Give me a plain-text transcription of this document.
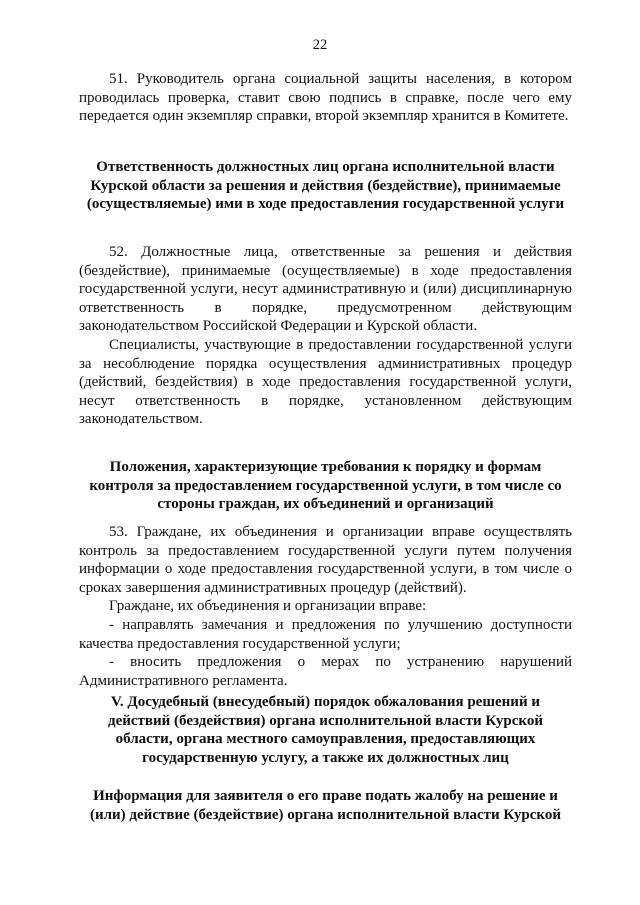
22

51. Руководитель органа социальной защиты населения, в котором проводилась проверка, ставит свою подпись в справке, после чего ему передается один экземпляр справки, второй экземпляр хранится в Комитете.

Ответственность должностных лиц органа исполнительной власти Курской области за решения и действия (бездействие), принимаемые (осуществляемые) ими в ходе предоставления государственной услуги

52. Должностные лица, ответственные за решения и действия (бездействие), принимаемые (осуществляемые) в ходе предоставления государственной услуги, несут административную и (или) дисциплинарную ответственность в порядке, предусмотренном действующим законодательством Российской Федерации и Курской области.

Специалисты, участвующие в предоставлении государственной услуги за несоблюдение порядка осуществления административных процедур (действий, бездействия) в ходе предоставления государственной услуги, несут ответственность в порядке, установленном действующим законодательством.

Положения, характеризующие требования к порядку и формам контроля за предоставлением государственной услуги, в том числе со стороны граждан, их объединений и организаций

53. Граждане, их объединения и организации вправе осуществлять контроль за предоставлением государственной услуги путем получения информации о ходе предоставления государственной услуги, в том числе о сроках завершения административных процедур (действий).

Граждане, их объединения и организации вправе:

- направлять замечания и предложения по улучшению доступности качества предоставления государственной услуги;

- вносить предложения о мерах по устранению нарушений Административного регламента.

V. Досудебный (внесудебный) порядок обжалования решений и действий (бездействия) органа исполнительной власти Курской области, органа местного самоуправления, предоставляющих государственную услугу, а также их должностных лиц

Информация для заявителя о его праве подать жалобу на решение и (или) действие (бездействие) органа исполнительной власти Курской
